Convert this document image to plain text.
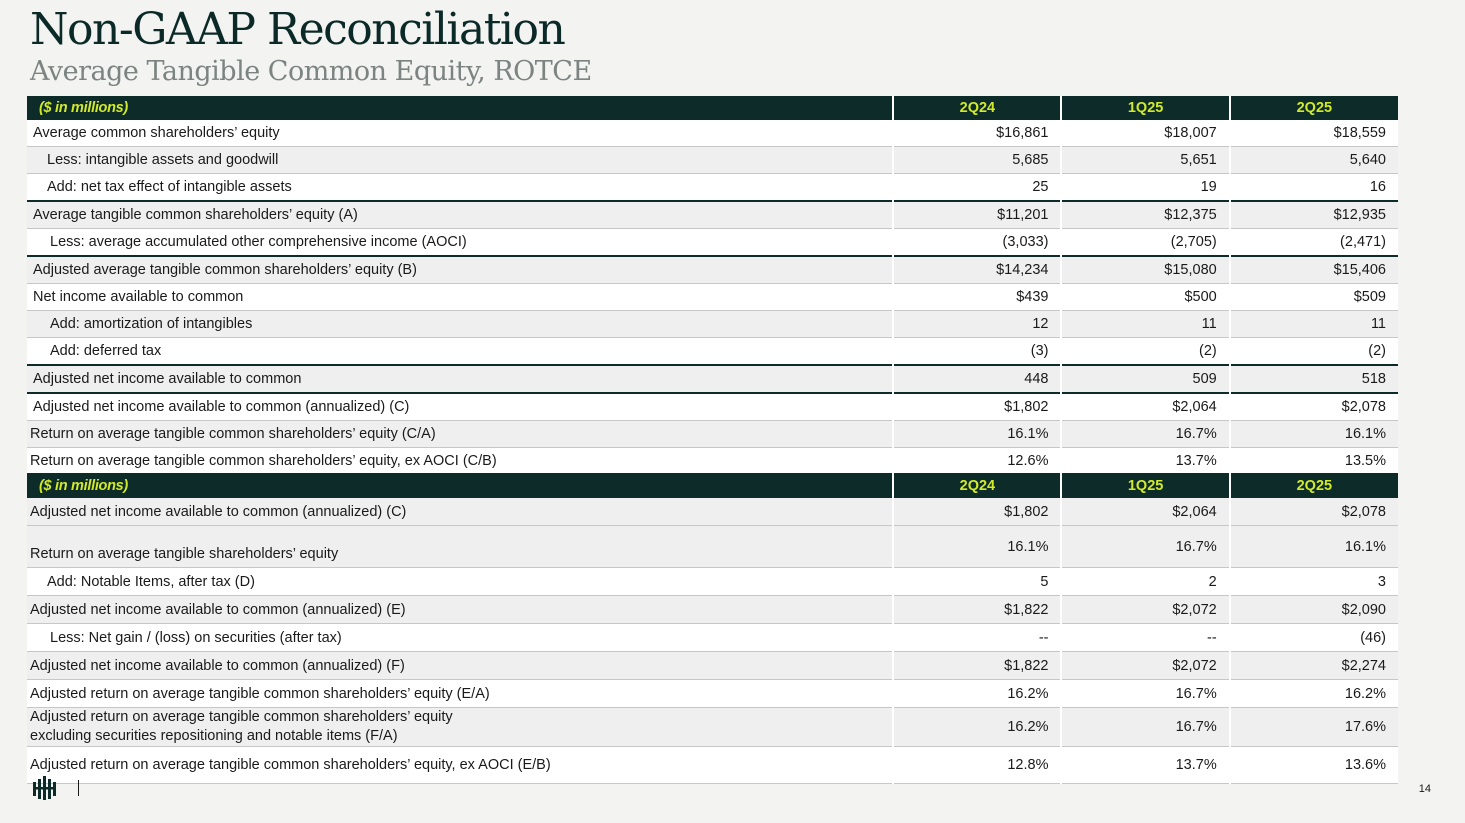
Non-GAAP Reconciliation
Average Tangible Common Equity, ROTCE
($ in millions)	2Q24	1Q25	2Q25
Average common shareholders’ equity	$16,861	$18,007	$18,559
Less: intangible assets and goodwill	5,685	5,651	5,640
Add: net tax effect of intangible assets	25	19	16
Average tangible common shareholders’ equity (A)	$11,201	$12,375	$12,935
Less: average accumulated other comprehensive income (AOCI)	(3,033)	(2,705)	(2,471)
Adjusted average tangible common shareholders’ equity (B)	$14,234	$15,080	$15,406
Net income available to common	$439	$500	$509
Add: amortization of intangibles	12	11	11
Add: deferred tax	(3)	(2)	(2)
Adjusted net income available to common	448	509	518
Adjusted net income available to common (annualized) (C)	$1,802	$2,064	$2,078
Return on average tangible common shareholders’ equity (C/A)	16.1%	16.7%	16.1%
Return on average tangible common shareholders’ equity, ex AOCI (C/B)	12.6%	13.7%	13.5%
($ in millions)	2Q24	1Q25	2Q25
Adjusted net income available to common (annualized) (C)	$1,802	$2,064	$2,078
Return on average tangible shareholders’ equity	16.1%	16.7%	16.1%
Add: Notable Items, after tax (D)	5	2	3
Adjusted net income available to common (annualized) (E)	$1,822	$2,072	$2,090
Less: Net gain / (loss) on securities (after tax)	--	--	(46)
Adjusted net income available to common (annualized) (F)	$1,822	$2,072	$2,274
Adjusted return on average tangible common shareholders’ equity (E/A)	16.2%	16.7%	16.2%

Adjusted return on average tangible common shareholders’ equity
excluding securities repositioning and notable items (F/A)	16.2%	16.7%	17.6%
Adjusted return on average tangible common shareholders’ equity, ex AOCI (E/B)	12.8%	13.7%	13.6%
14
